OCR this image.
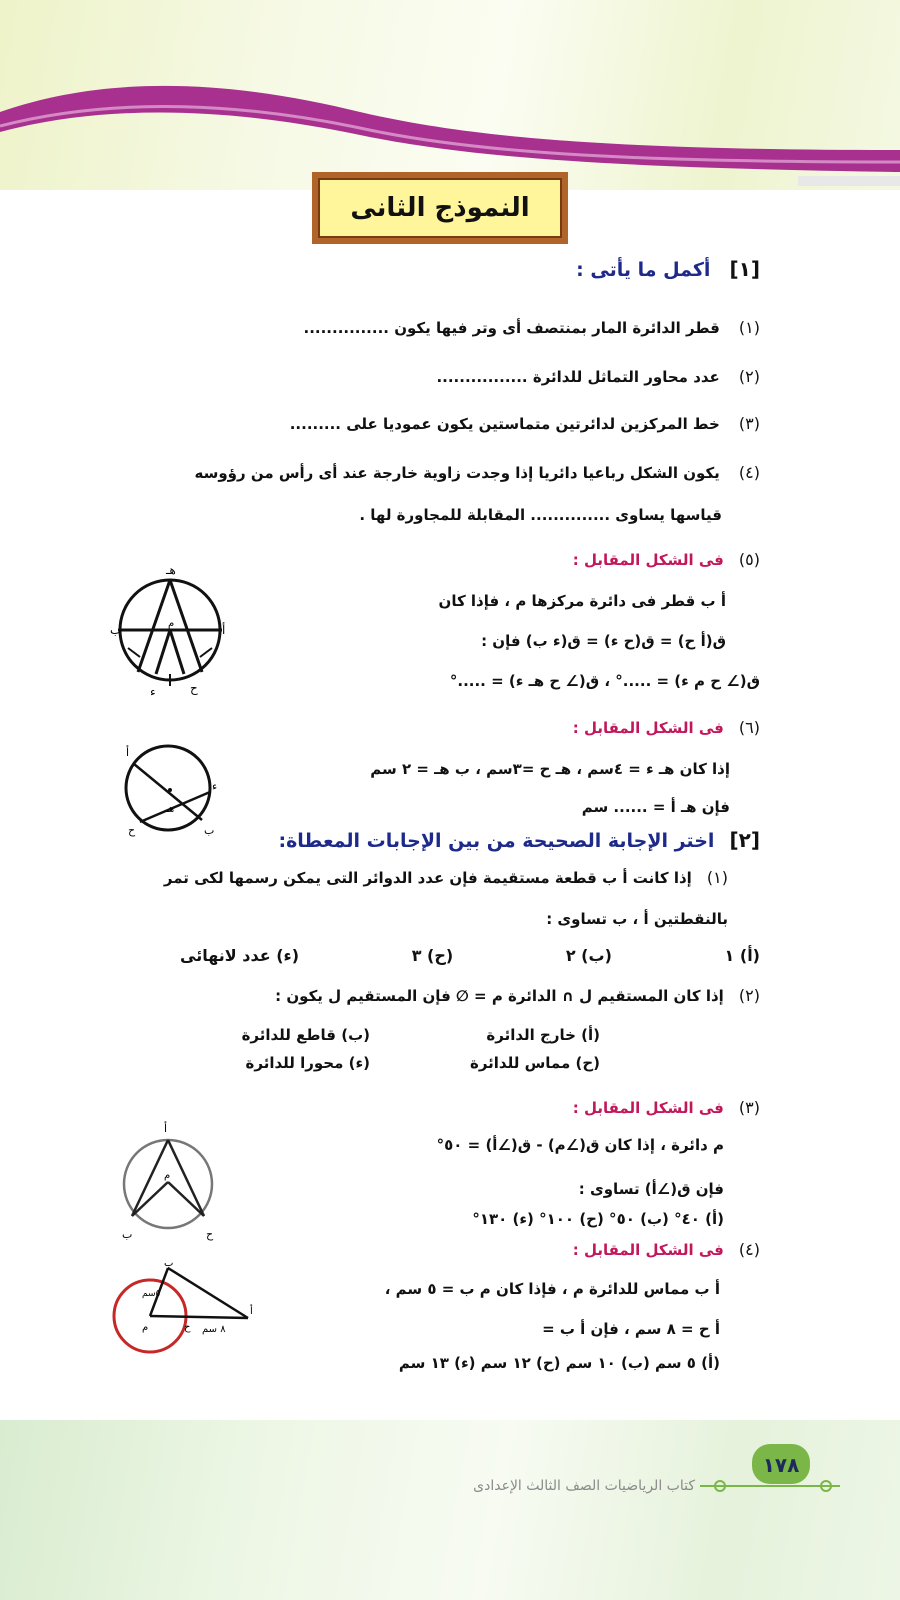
النموذج الثانى
[١] أكمل ما يأتى :
(١) قطر الدائرة المار بمنتصف أى وتر فيها يكون ...............
(٢) عدد محاور التماثل للدائرة ................
(٣) خط المركزين لدائرتين متماستين يكون عموديا على .........
(٤) يكون الشكل رباعيا دائريا إذا وجدت زاوية خارجة عند أى رأس من رؤوسه
قياسها يساوى .............. المقابلة للمجاورة لها .
(٥) فى الشكل المقابل :
أ ب قطر فى دائرة مركزها م ، فإذا كان
ق(أ ح) = ق(ح ء) = ق(ء ب) فإن :
ق(∠ ح م ء) = .....° ، ق(∠ ح هـ ء) = .....°
هـ
ب	أ
م
ء	ح
(٦) فى الشكل المقابل :
إذا كان هـ ء = ٤سم ، هـ ح =٣سم ، ب هـ = ٢ سم
فإن هـ أ = ...... سم
أ
ب
ح
ء
هـ
[٢] اختر الإجابة الصحيحة من بين الإجابات المعطاة:
(١) إذا كانت أ ب قطعة مستقيمة فإن عدد الدوائر التى يمكن رسمها لكى تمر
بالنقطتين أ ، ب تساوى :
(أ) ١
(ب) ٢
(ح) ٣
(ء) عدد لانهائى
(٢) إذا كان المستقيم ل ∩ الدائرة م = ∅ فإن المستقيم ل يكون :
(أ) خارج الدائرة
(ب) قاطع للدائرة
(ح) مماس للدائرة
(ء) محورا للدائرة
(٣) فى الشكل المقابل :
م دائرة ، إذا كان ق(∠م) - ق(∠أ) = ٥٠°
فإن ق(∠أ) تساوى :
(أ) ٤٠° (ب) ٥٠° (ح) ١٠٠° (ء) ١٣٠°
أ
ب	ح
م
(٤) فى الشكل المقابل :
أ ب مماس للدائرة م ، فإذا كان م ب = ٥ سم ،
أ ح = ٨ سم ، فإن أ ب =
(أ) ٥ سم (ب) ١٠ سم (ح) ١٢ سم (ء) ١٣ سم
ب
أ
ح
م
٥سم
٨ سم
١٧٨
كتاب الرياضيات الصف الثالث الإعدادى
